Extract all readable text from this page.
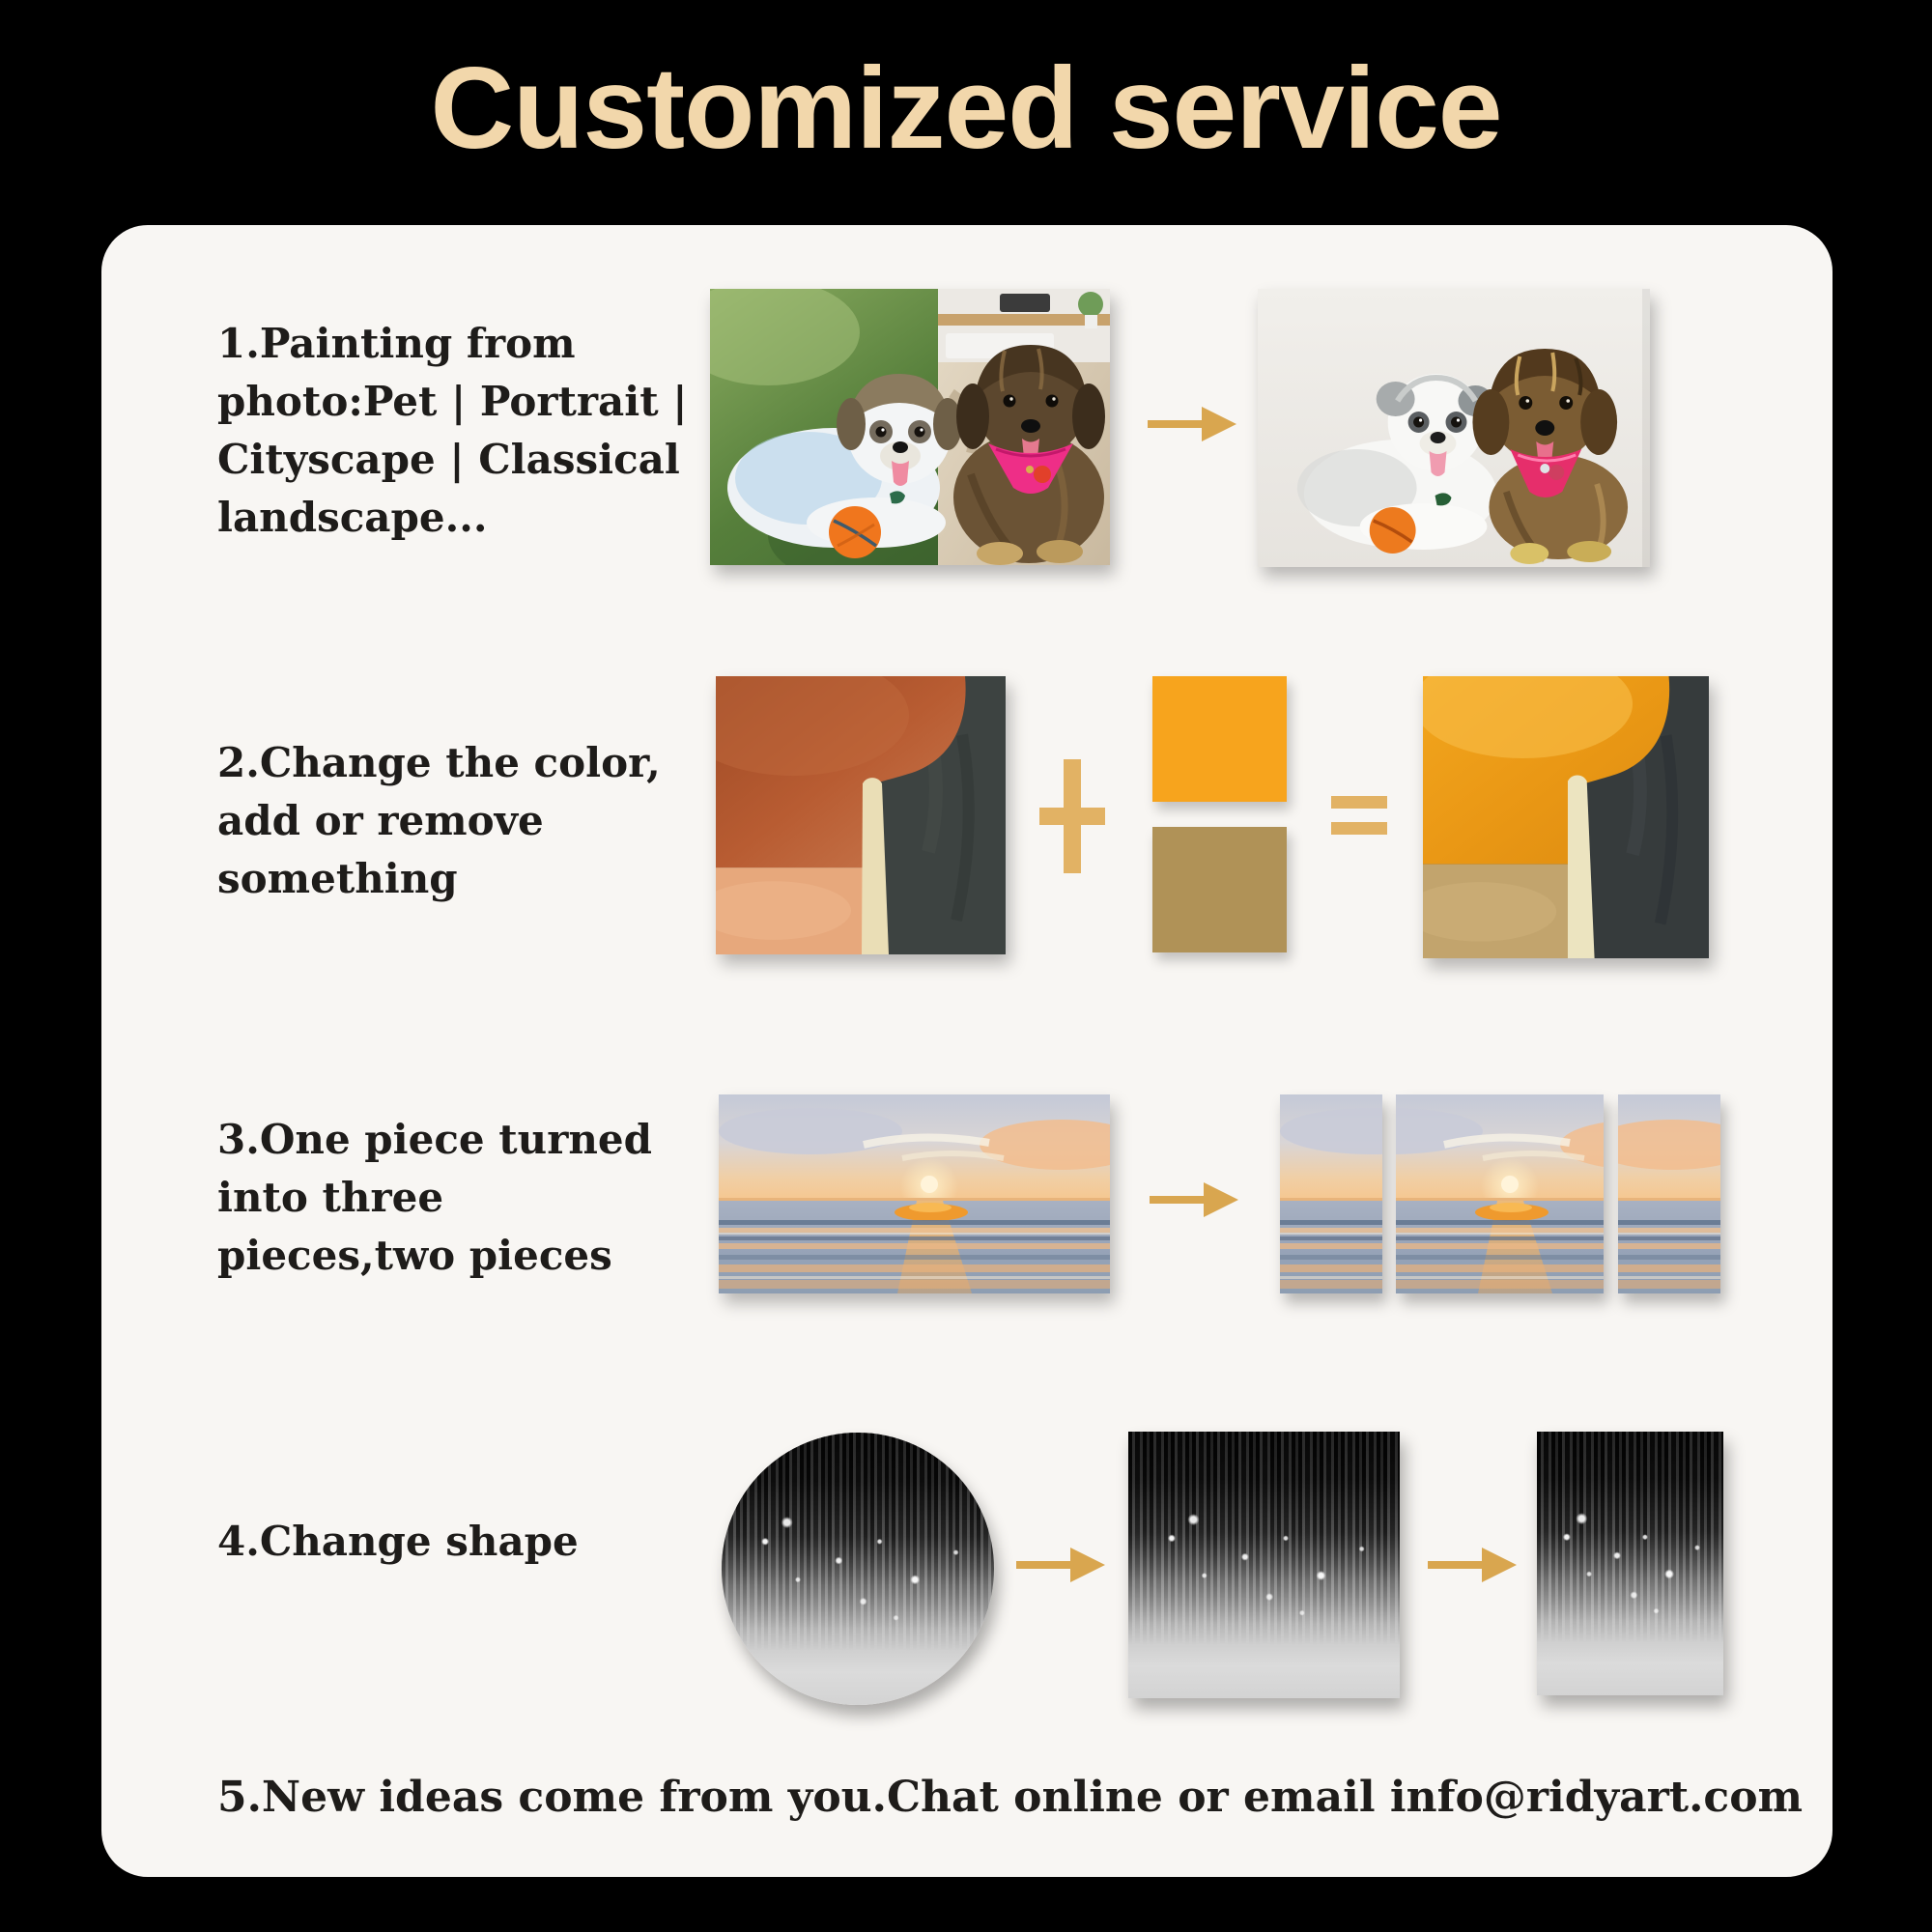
Customized service
1.Painting from
photo:Pet | Portrait |
Cityscape | Classical
landscape...
2.Change the color,
add or remove
something
3.One piece turned
into three
pieces,two pieces
4.Change shape
5.New ideas come from you.Chat online or email info@ridyart.com
